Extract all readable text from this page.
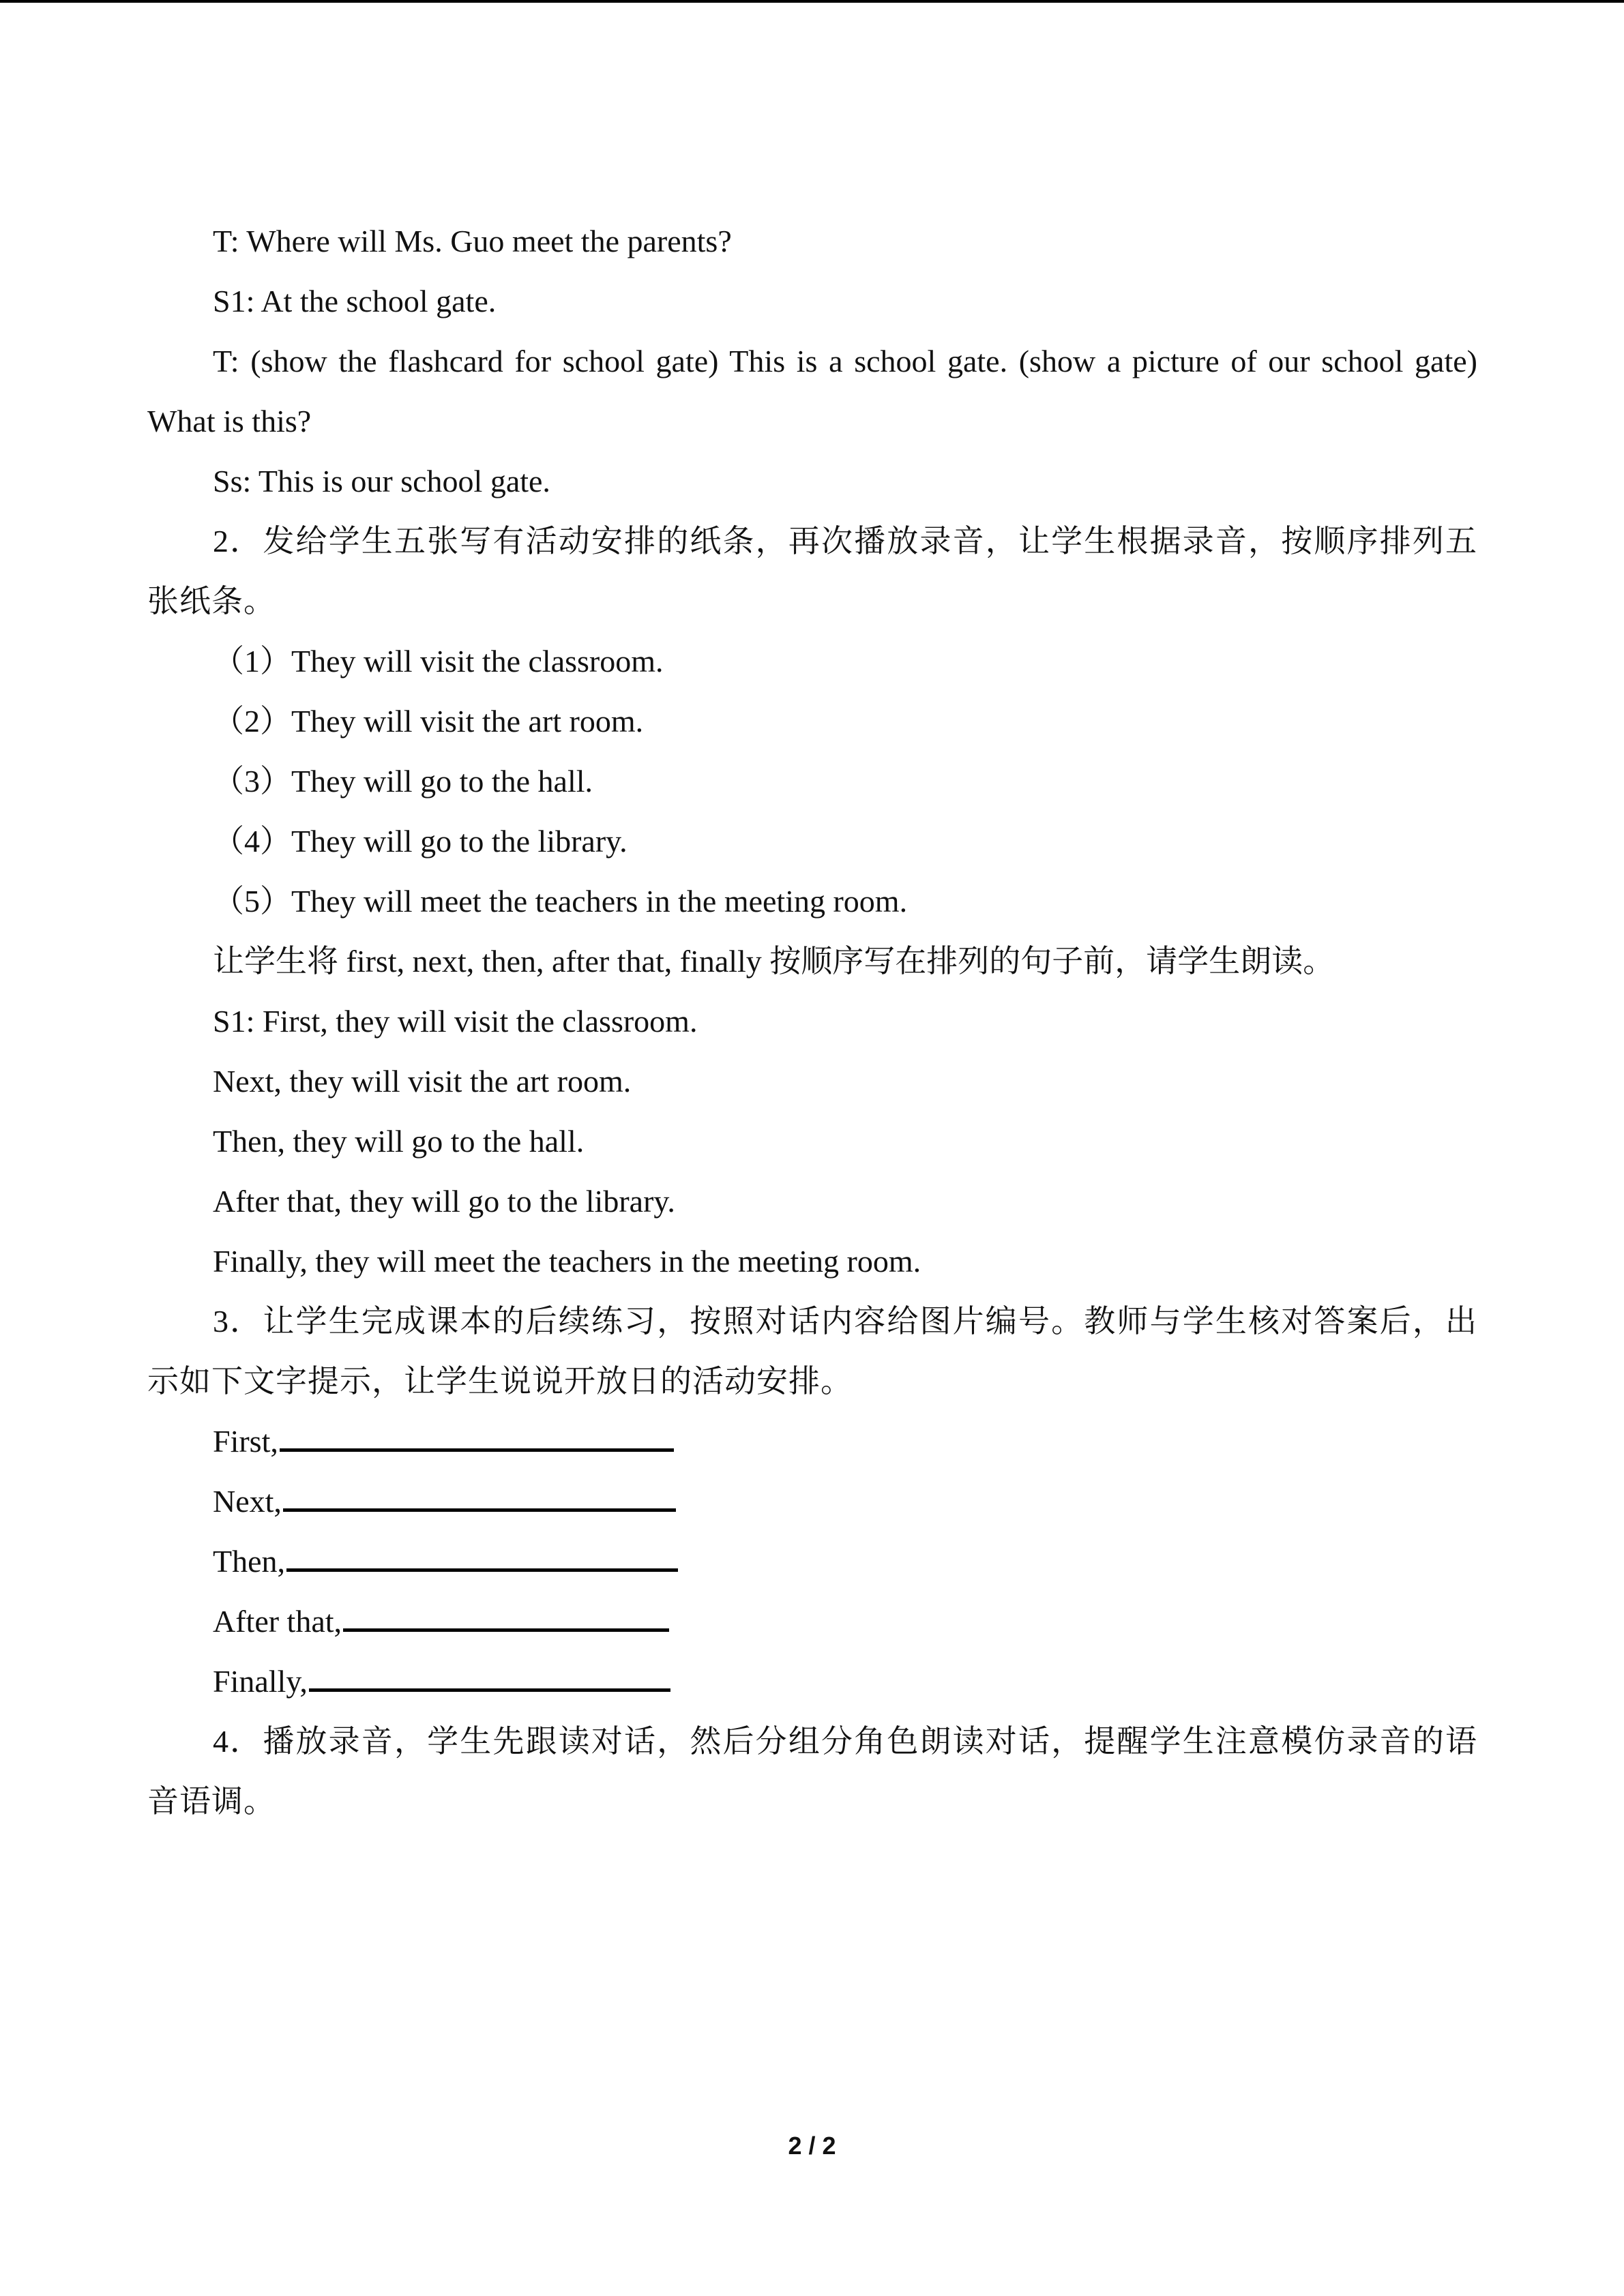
T: Where will Ms. Guo meet the parents?
S1: At the school gate.
T: (show the flashcard for school gate) This is a school gate. (show a picture of our school gate) What is this?
Ss: This is our school gate.
2．发给学生五张写有活动安排的纸条，再次播放录音，让学生根据录音，按顺序排列五张纸条。
（1）They will visit the classroom.
（2）They will visit the art room.
（3）They will go to the hall.
（4）They will go to the library.
（5）They will meet the teachers in the meeting room.
让学生将 first, next, then, after that, finally 按顺序写在排列的句子前，请学生朗读。
S1: First, they will visit the classroom.
Next, they will visit the art room.
Then, they will go to the hall.
After that, they will go to the library.
Finally, they will meet the teachers in the meeting room.
3．让学生完成课本的后续练习，按照对话内容给图片编号。教师与学生核对答案后，出示如下文字提示，让学生说说开放日的活动安排。
First,
Next,
Then,
After that,
Finally,
4．播放录音，学生先跟读对话，然后分组分角色朗读对话，提醒学生注意模仿录音的语音语调。
2 / 2
